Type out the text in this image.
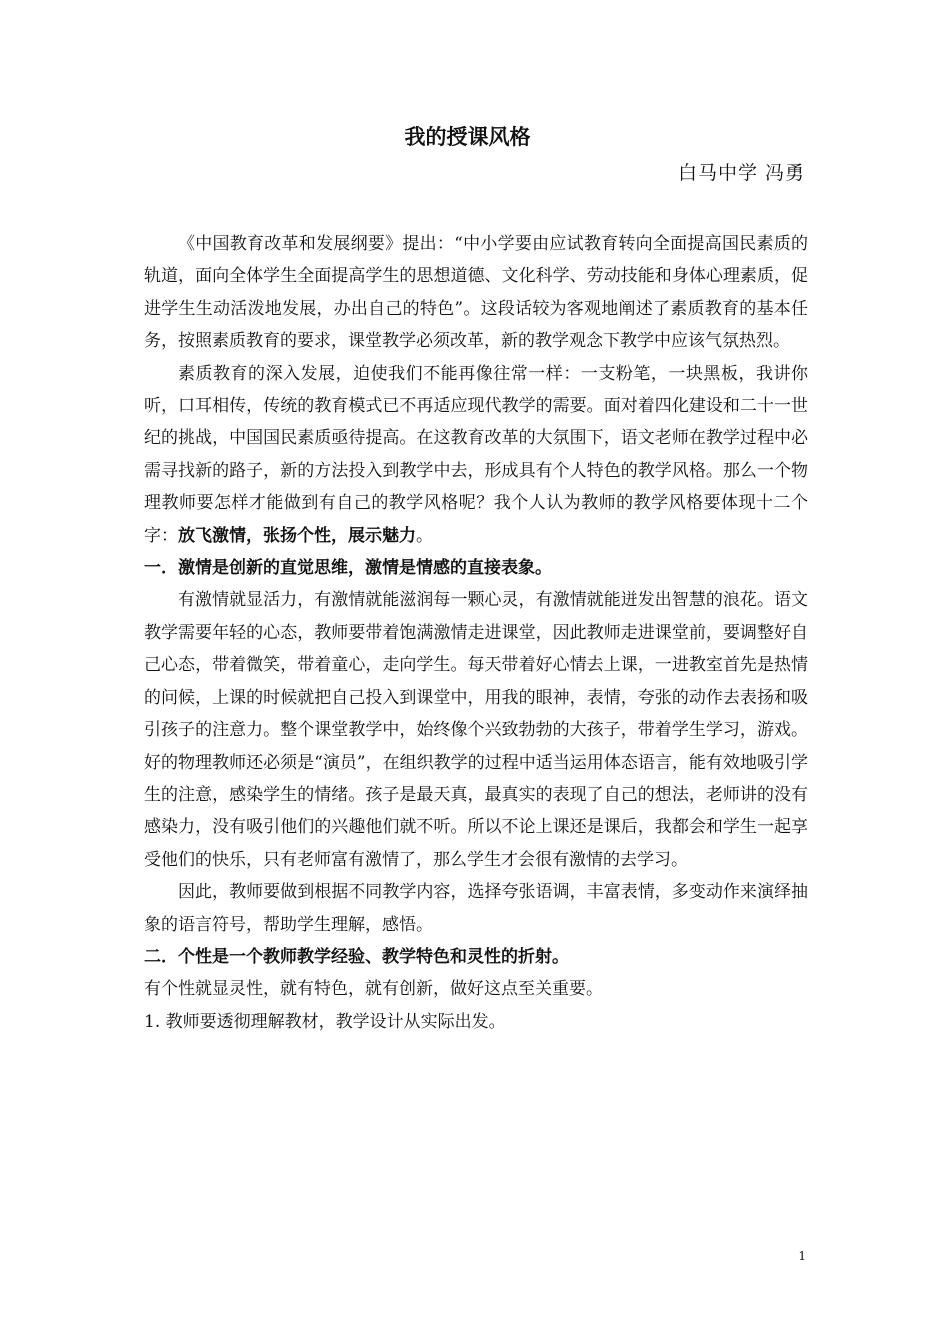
我的授课风格
白马中学 冯勇

《中国教育改革和发展纲要》提出：“中小学要由应试教育转向全面提高国民素质的轨道，面向全体学生全面提高学生的思想道德、文化科学、劳动技能和身体心理素质，促进学生生动活泼地发展，办出自己的特色”。这段话较为客观地阐述了素质教育的基本任务，按照素质教育的要求，课堂教学必须改革，新的教学观念下教学中应该气氛热烈。

素质教育的深入发展，迫使我们不能再像往常一样：一支粉笔，一块黑板，我讲你听，口耳相传，传统的教育模式已不再适应现代教学的需要。面对着四化建设和二十一世纪的挑战，中国国民素质亟待提高。在这教育改革的大氛围下，语文老师在教学过程中必需寻找新的路子，新的方法投入到教学中去，形成具有个人特色的教学风格。那么一个物理教师要怎样才能做到有自己的教学风格呢？我个人认为教师的教学风格要体现十二个字：放飞激情，张扬个性，展示魅力。

一．激情是创新的直觉思维，激情是情感的直接表象。

有激情就显活力，有激情就能滋润每一颗心灵，有激情就能迸发出智慧的浪花。语文教学需要年轻的心态，教师要带着饱满激情走进课堂，因此教师走进课堂前，要调整好自己心态，带着微笑，带着童心，走向学生。每天带着好心情去上课，一进教室首先是热情的问候，上课的时候就把自己投入到课堂中，用我的眼神，表情，夸张的动作去表扬和吸引孩子的注意力。整个课堂教学中，始终像个兴致勃勃的大孩子，带着学生学习，游戏。好的物理教师还必须是“演员”，在组织教学的过程中适当运用体态语言，能有效地吸引学生的注意，感染学生的情绪。孩子是最天真，最真实的表现了自己的想法，老师讲的没有感染力，没有吸引他们的兴趣他们就不听。所以不论上课还是课后，我都会和学生一起享受他们的快乐，只有老师富有激情了，那么学生才会很有激情的去学习。

因此，教师要做到根据不同教学内容，选择夸张语调，丰富表情，多变动作来演绎抽象的语言符号，帮助学生理解，感悟。

二．个性是一个教师教学经验、教学特色和灵性的折射。

有个性就显灵性，就有特色，就有创新，做好这点至关重要。

1. 教师要透彻理解教材，教学设计从实际出发。

1
